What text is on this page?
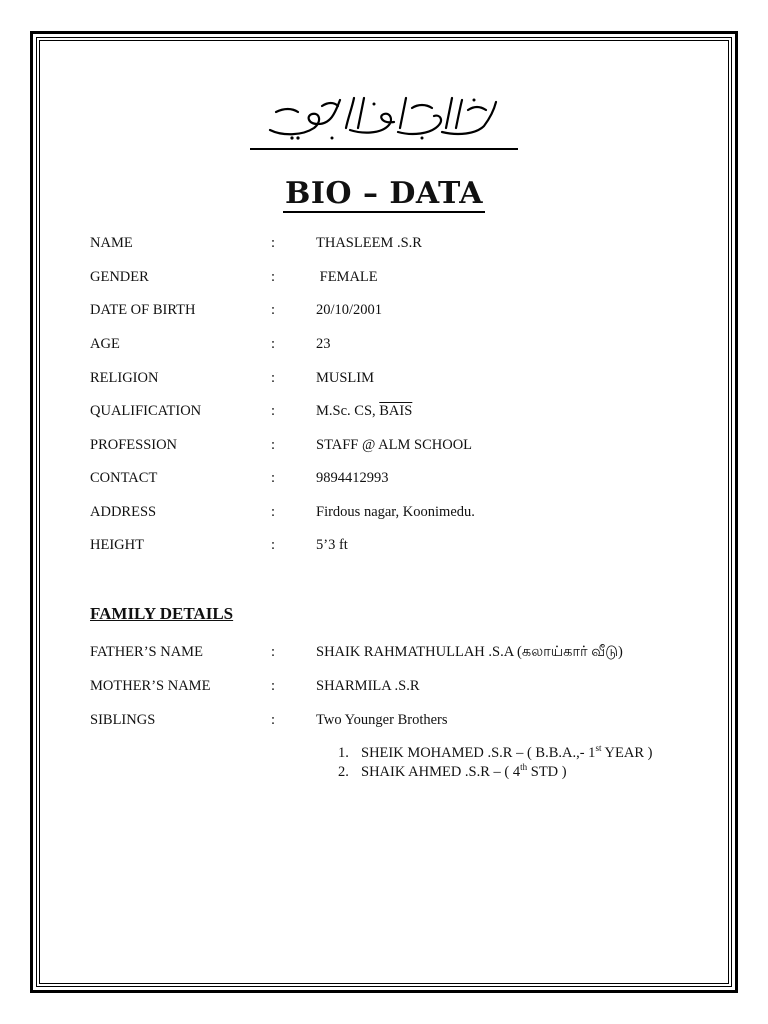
BIO – DATA
NAME	:	THASLEEM .S.R
GENDER	:	FEMALE
DATE OF BIRTH	:	20/10/2001
AGE	:	23
RELIGION	:	MUSLIM
QUALIFICATION	:	M.Sc. CS, BAIS
PROFESSION	:	STAFF @ ALM SCHOOL
CONTACT	:	9894412993
ADDRESS	:	Firdous nagar, Koonimedu.
HEIGHT	:	5’3 ft
FAMILY DETAILS
FATHER’S NAME	:	SHAIK RAHMATHULLAH .S.A (கலாய்கார் வீடு)
MOTHER’S NAME	:	SHARMILA .S.R
SIBLINGS	:	Two Younger Brothers
1. SHEIK MOHAMED .S.R – ( B.B.A.,- 1st YEAR )
2. SHAIK AHMED .S.R – ( 4th STD )
